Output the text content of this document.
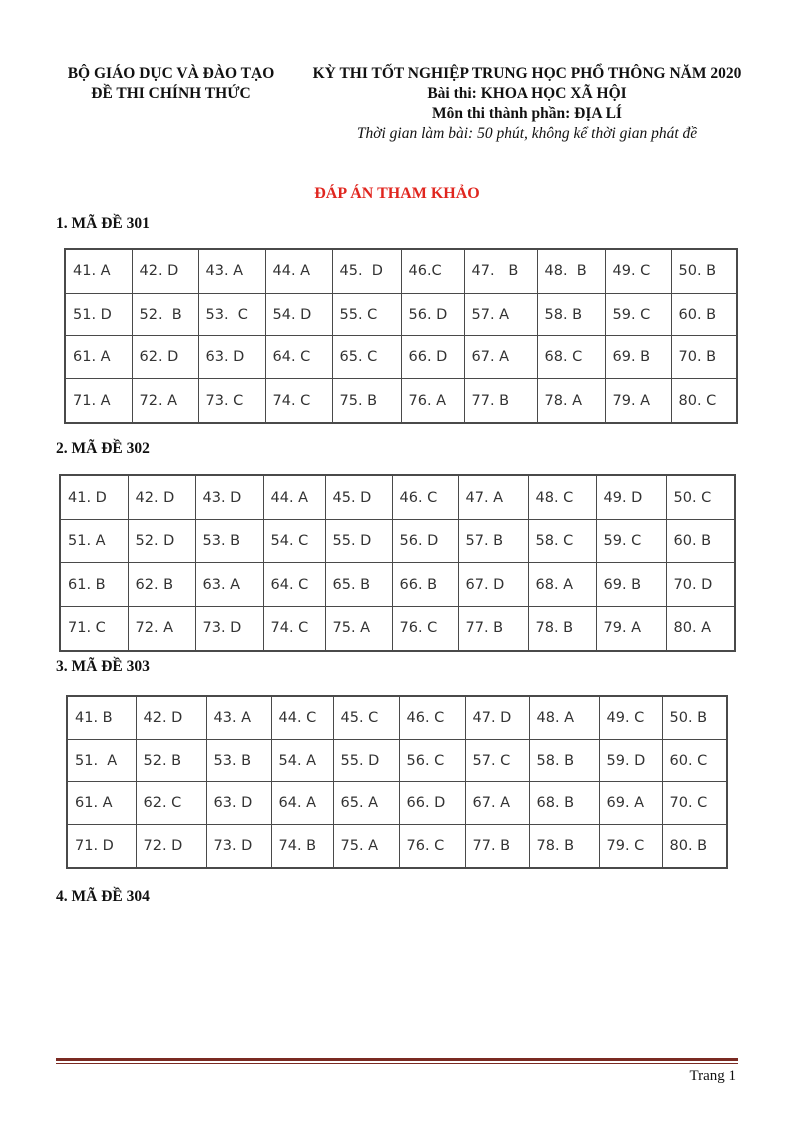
BỘ GIÁO DỤC VÀ ĐÀO TẠO
ĐỀ THI CHÍNH THỨC
KỲ THI TỐT NGHIỆP TRUNG HỌC PHỔ THÔNG NĂM 2020
Bài thi: KHOA HỌC XÃ HỘI
Môn thi thành phần: ĐỊA LÍ
Thời gian làm bài: 50 phút, không kể thời gian phát đề
ĐÁP ÁN THAM KHẢO
1. MÃ ĐỀ 301
2. MÃ ĐỀ 302
3. MÃ ĐỀ 303
4. MÃ ĐỀ 304
41. A	42. D	43. A	44. A	45.  D	46.C	47.   B	48.  B	49. C	50. B
51. D	52.  B	53.  C	54. D	55. C	56. D	57. A	58. B	59. C	60. B
61. A	62. D	63. D	64. C	65. C	66. D	67. A	68. C	69. B	70. B
71. A	72. A	73. C	74. C	75. B	76. A	77. B	78. A	79. A	80. C
41. D	42. D	43. D	44. A	45. D	46. C	47. A	48. C	49. D	50. C
51. A	52. D	53. B	54. C	55. D	56. D	57. B	58. C	59. C	60. B
61. B	62. B	63. A	64. C	65. B	66. B	67. D	68. A	69. B	70. D
71. C	72. A	73. D	74. C	75. A	76. C	77. B	78. B	79. A	80. A
41. B	42. D	43. A	44. C	45. C	46. C	47. D	48. A	49. C	50. B
51.  A	52. B	53. B	54. A	55. D	56. C	57. C	58. B	59. D	60. C
61. A	62. C	63. D	64. A	65. A	66. D	67. A	68. B	69. A	70. C
71. D	72. D	73. D	74. B	75. A	76. C	77. B	78. B	79. C	80. B
Trang 1
